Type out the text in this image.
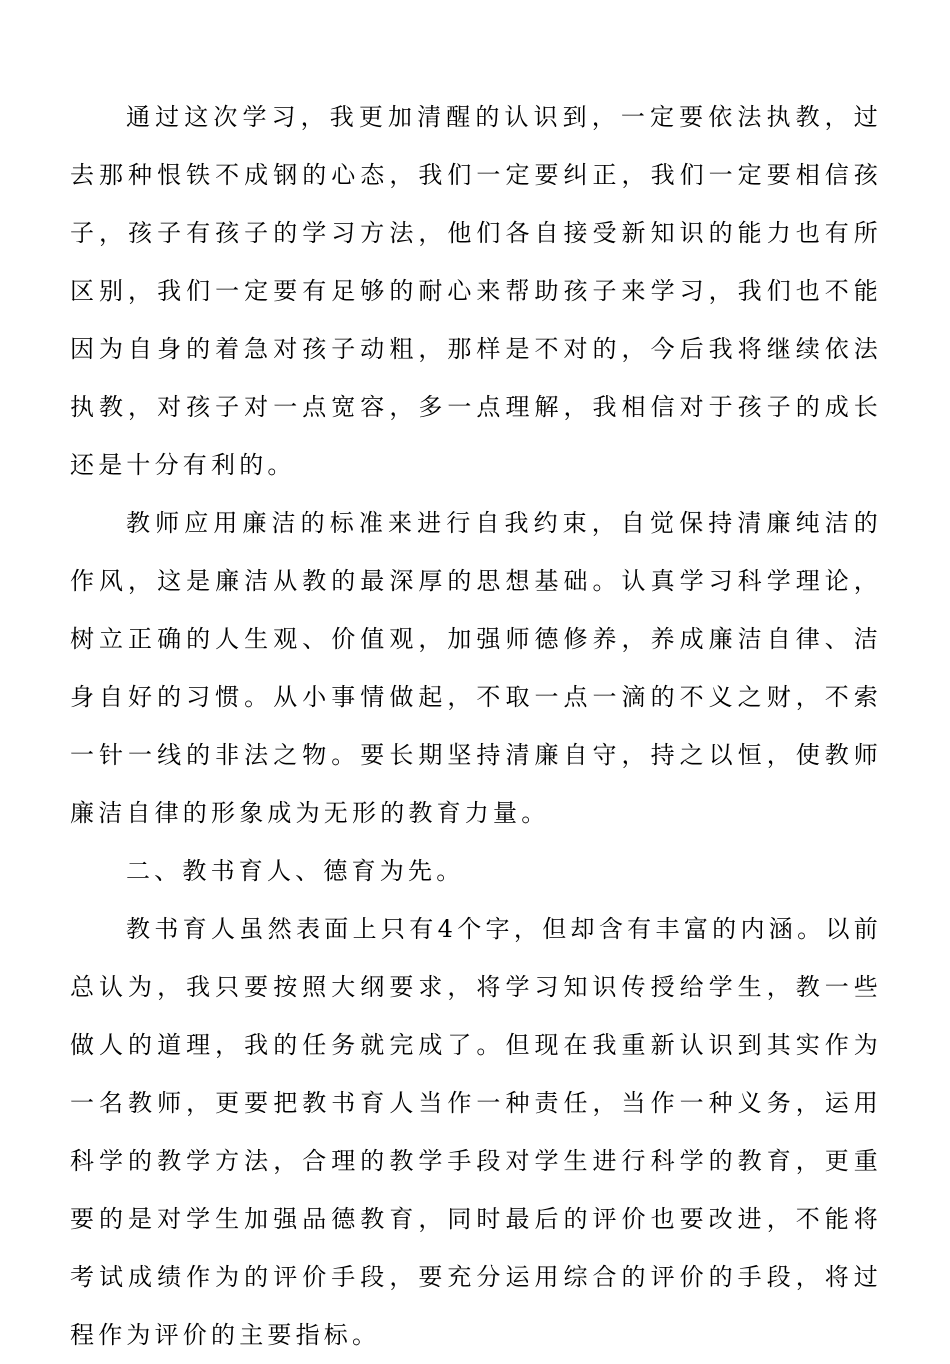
通过这次学习，我更加清醒的认识到，一定要依法执教，过去那种恨铁不成钢的心态，我们一定要纠正，我们一定要相信孩子，孩子有孩子的学习方法，他们各自接受新知识的能力也有所区别，我们一定要有足够的耐心来帮助孩子来学习，我们也不能因为自身的着急对孩子动粗，那样是不对的，今后我将继续依法执教，对孩子对一点宽容，多一点理解，我相信对于孩子的成长还是十分有利的。

教师应用廉洁的标准来进行自我约束，自觉保持清廉纯洁的作风，这是廉洁从教的最深厚的思想基础。认真学习科学理论，树立正确的人生观、价值观，加强师德修养，养成廉洁自律、洁身自好的习惯。从小事情做起，不取一点一滴的不义之财，不索一针一线的非法之物。要长期坚持清廉自守，持之以恒，使教师廉洁自律的形象成为无形的教育力量。

二、教书育人、德育为先。

教书育人虽然表面上只有4个字，但却含有丰富的内涵。以前总认为，我只要按照大纲要求，将学习知识传授给学生，教一些做人的道理，我的任务就完成了。但现在我重新认识到其实作为一名教师，更要把教书育人当作一种责任，当作一种义务，运用科学的教学方法，合理的教学手段对学生进行科学的教育，更重要的是对学生加强品德教育，同时最后的评价也要改进，不能将考试成绩作为的评价手段，要充分运用综合的评价的手段，将过程作为评价的主要指标。
